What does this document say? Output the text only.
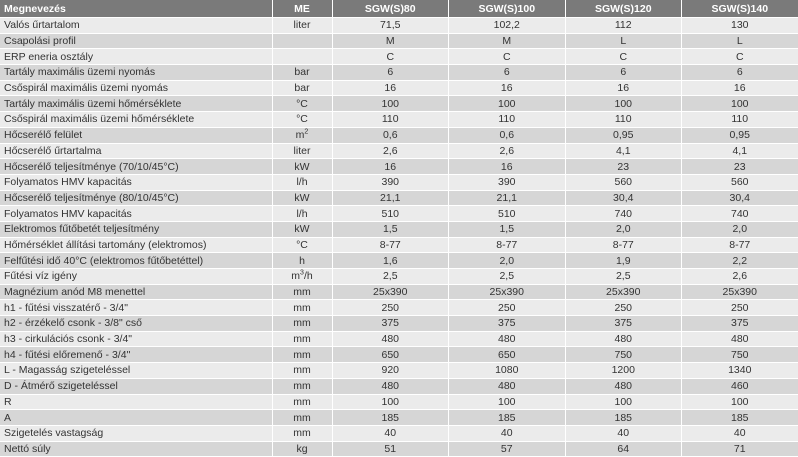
Megnevezés	ME	SGW(S)80	SGW(S)100	SGW(S)120	SGW(S)140
Valós űrtartalom	liter	71,5	102,2	112	130
Csapolási profil		M	M	L	L
ERP eneria osztály		C	C	C	C
Tartály maximális üzemi nyomás	bar	6	6	6	6
Csőspirál maximális üzemi nyomás	bar	16	16	16	16
Tartály maximális üzemi hőmérséklete	°C	100	100	100	100
Csőspirál maximális üzemi hőmérséklete	°C	110	110	110	110
Hőcserélő felület	$m^2$	0,6	0,6	0,95	0,95
Hőcserélő űrtartalma	liter	2,6	2,6	4,1	4,1
Hőcserélő teljesítménye (70/10/45°C)	kW	16	16	23	23
Folyamatos HMV kapacitás	l/h	390	390	560	560
Hőcserélő teljesítménye (80/10/45°C)	kW	21,1	21,1	30,4	30,4
Folyamatos HMV kapacitás	l/h	510	510	740	740
Elektromos fűtőbetét teljesítmény	kW	1,5	1,5	2,0	2,0
Hőmérséklet állítási tartomány (elektromos)	°C	8-77	8-77	8-77	8-77
Felfűtési idő 40°C (elektromos fűtőbetéttel)	h	1,6	2,0	1,9	2,2
Fűtési víz igény	$m^3/h$	2,5	2,5	2,5	2,6
Magnézium anód M8 menettel	mm	25x390	25x390	25x390	25x390
h1 - fűtési visszatérő - 3/4"	mm	250	250	250	250
h2 - érzékelő csonk - 3/8" cső	mm	375	375	375	375
h3 - cirkulációs csonk - 3/4"	mm	480	480	480	480
h4 - fűtési előremenő - 3/4"	mm	650	650	750	750
L - Magasság szigeteléssel	mm	920	1080	1200	1340
D - Átmérő szigeteléssel	mm	480	480	480	460
R	mm	100	100	100	100
A	mm	185	185	185	185
Szigetelés vastagság	mm	40	40	40	40
Nettó súly	kg	51	57	64	71
